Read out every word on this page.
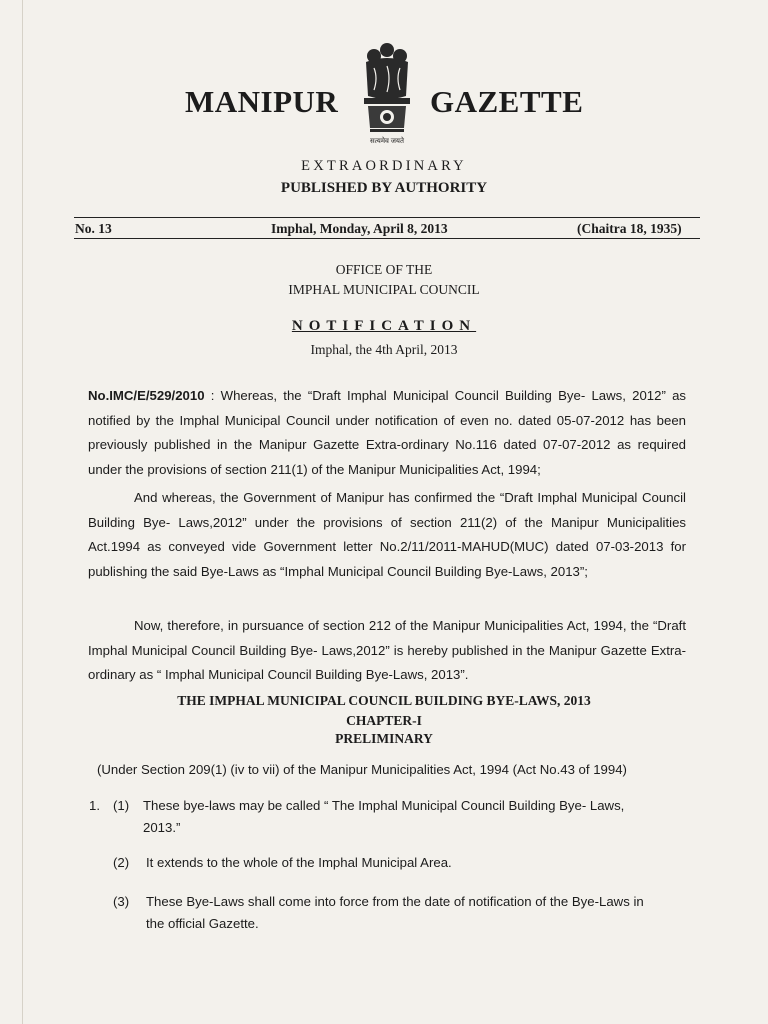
MANIPUR
सत्यमेव जयते
GAZETTE
EXTRAORDINARY
PUBLISHED BY AUTHORITY
No. 13	Imphal, Monday, April 8, 2013	(Chaitra 18, 1935)
OFFICE OF THE
IMPHAL MUNICIPAL COUNCIL
NOTIFICATION
Imphal, the 4th April, 2013
No.IMC/E/529/2010 : Whereas, the “Draft Imphal Municipal Council Building Bye- Laws, 2012” as notified by the Imphal Municipal Council under notification of even no. dated 05-07-2012 has been previously published in the Manipur Gazette Extra-ordinary No.116 dated 07-07-2012 as required under the provisions of section 211(1) of the Manipur Municipalities Act, 1994;
And whereas, the Government of Manipur has confirmed the “Draft Imphal Municipal Council Building Bye- Laws,2012” under the provisions of section 211(2) of the Manipur Municipalities Act.1994 as conveyed vide Government letter No.2/11/2011-MAHUD(MUC) dated 07-03-2013 for publishing the said Bye-Laws as “Imphal Municipal Council Building Bye-Laws, 2013”;
Now, therefore, in pursuance of section 212 of the Manipur Municipalities Act, 1994, the “Draft Imphal Municipal Council Building Bye- Laws,2012” is hereby published in the Manipur Gazette Extra-ordinary as “ Imphal Municipal Council Building Bye-Laws, 2013”.
THE IMPHAL MUNICIPAL COUNCIL BUILDING BYE-LAWS, 2013
CHAPTER-I
PRELIMINARY
(Under Section 209(1) (iv to vii) of the Manipur Municipalities Act, 1994 (Act No.43 of 1994)
1. (1) These bye-laws may be called “ The Imphal Municipal Council Building Bye- Laws,
2013.”
(2) It extends to the whole of the Imphal Municipal Area.
(3) These Bye-Laws shall come into force from the date of notification of the Bye-Laws in
the official Gazette.
